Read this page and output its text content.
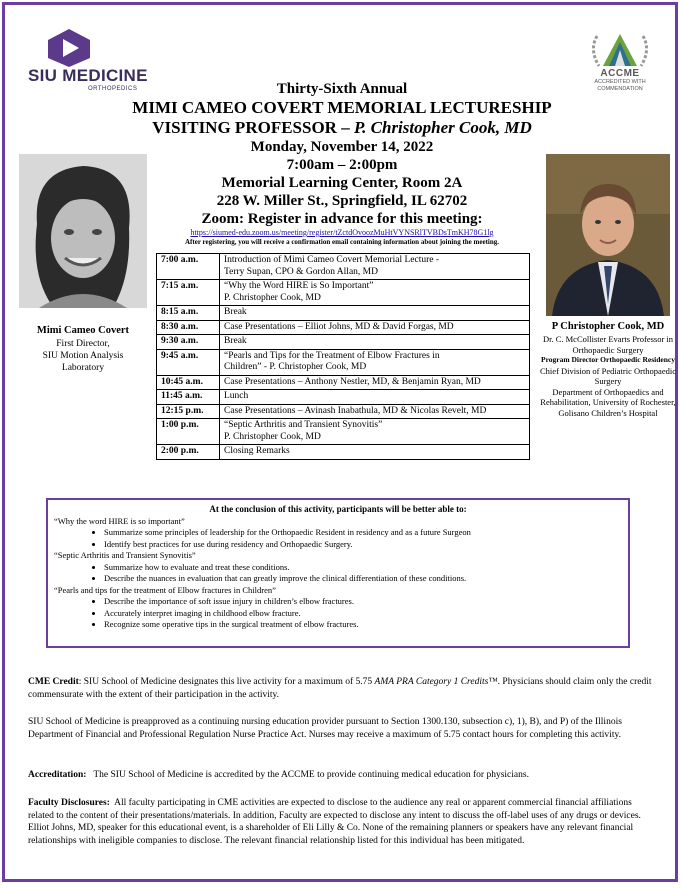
SIU MEDICINE
ORTHOPEDICS
ACCME
ACCREDITED WITH
COMMENDATION
Thirty-Sixth Annual
MIMI CAMEO COVERT MEMORIAL LECTURESHIP
VISITING PROFESSOR – P. Christopher Cook, MD
Monday, November 14, 2022
7:00am – 2:00pm
Memorial Learning Center, Room 2A
228 W. Miller St., Springfield, IL 62702
Zoom: Register in advance for this meeting:
https://siumed-edu.zoom.us/meeting/register/tZctdOvoozMuHtVYNSRlTVBDsTmKH78G1lg
After registering, you will receive a confirmation email containing information about joining the meeting.
Mimi Cameo Covert
First Director,
SIU Motion Analysis
Laboratory
P Christopher Cook, MD
Dr. C. McCollister Evarts Professor in Orthopaedic Surgery
Program Director Orthopaedic Residency
Chief Division of Pediatric Orthopaedic Surgery
Department of Orthopaedics and Rehabilitation, University of Rochester, Golisano Children’s Hospital
7:00 a.m.	Introduction of Mimi Cameo Covert Memorial Lecture -
Terry Supan, CPO & Gordon Allan, MD

7:15 a.m.	“Why the Word HIRE is So Important”
P. Christopher Cook, MD

8:15 a.m.	Break

8:30 a.m.	Case Presentations – Elliot Johns, MD & David Forgas, MD

9:30 a.m.	Break

9:45 a.m.	“Pearls and Tips for the Treatment of Elbow Fractures in
Children” - P. Christopher Cook, MD

10:45 a.m.	Case Presentations – Anthony Nestler, MD, & Benjamin Ryan, MD

11:45 a.m.	Lunch

12:15 p.m.	Case Presentations – Avinash Inabathula, MD & Nicolas Revelt, MD

1:00 p.m.	“Septic Arthritis and Transient Synovitis”
P. Christopher Cook, MD

2:00 p.m.	Closing Remarks
At the conclusion of this activity, participants will be better able to:
“Why the word HIRE is so important”
• Summarize some principles of leadership for the Orthopaedic Resident in residency and as a future Surgeon
• Identify best practices for use during residency and Orthopaedic Surgery.
“Septic Arthritis and Transient Synovitis”
• Summarize how to evaluate and treat these conditions.
• Describe the nuances in evaluation that can greatly improve the clinical differentiation of these conditions.
“Pearls and tips for the treatment of Elbow fractures in Children”
• Describe the importance of soft issue injury in children’s elbow fractures.
• Accurately interpret imaging in childhood elbow fracture.
• Recognize some operative tips in the surgical treatment of elbow fractures.
CME Credit: SIU School of Medicine designates this live activity for a maximum of 5.75 AMA PRA Category 1 Credits™. Physicians should claim only the credit commensurate with the extent of their participation in the activity.
SIU School of Medicine is preapproved as a continuing nursing education provider pursuant to Section 1300.130, subsection c), 1), B), and P) of the Illinois Department of Financial and Professional Regulation Nurse Practice Act. Nurses may receive a maximum of 5.75 contact hours for completing this activity.
Accreditation: The SIU School of Medicine is accredited by the ACCME to provide continuing medical education for physicians.
Faculty Disclosures: All faculty participating in CME activities are expected to disclose to the audience any real or apparent commercial financial affiliations related to the content of their presentations/materials. In addition, Faculty are expected to disclose any intent to discuss the off-label uses of any drugs or devices. Elliot Johns, MD, speaker for this educational event, is a shareholder of Eli Lilly & Co. None of the remaining planners or speakers have any relevant financial relationships with ineligible companies to disclose. The relevant financial relationship listed for this individual has been mitigated.
